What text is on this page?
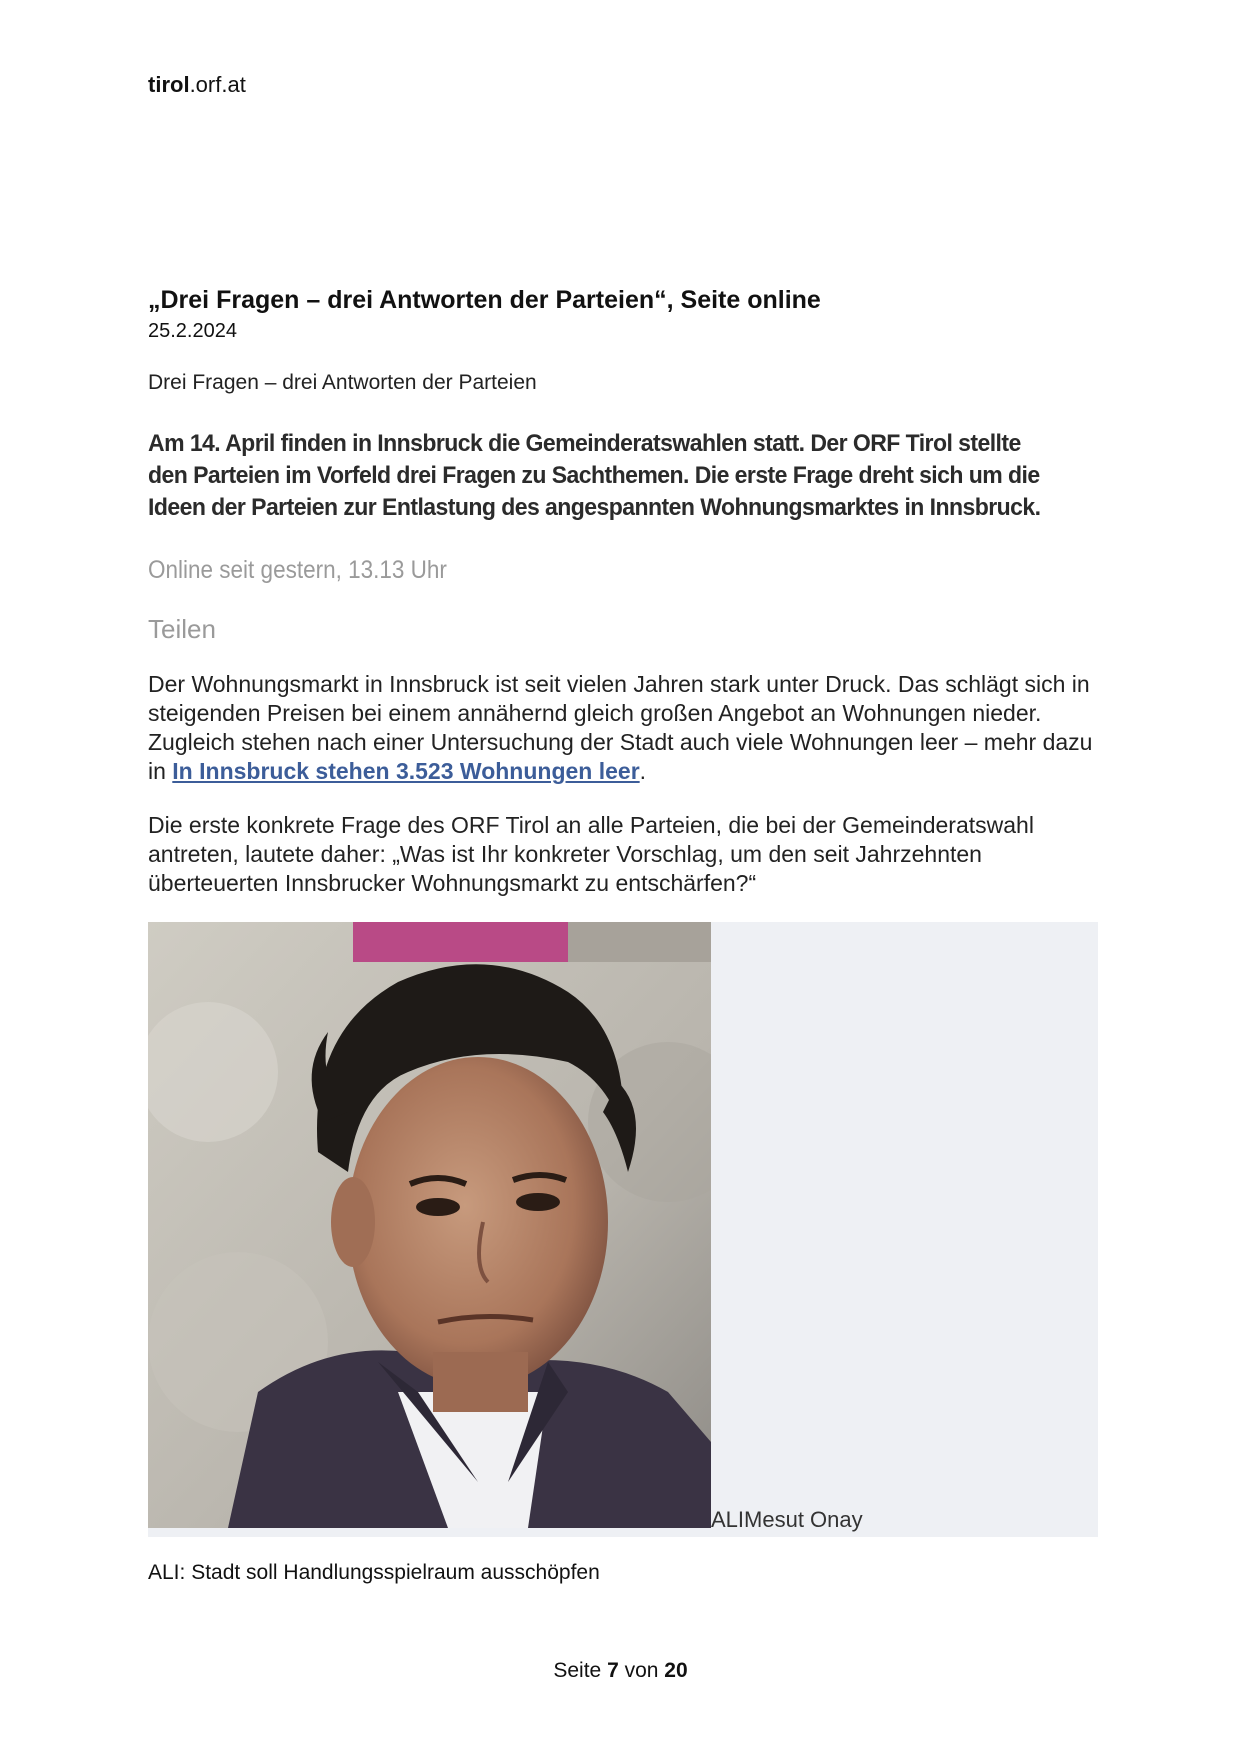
tirol.orf.at
„Drei Fragen – drei Antworten der Parteien“, Seite online
25.2.2024
Drei Fragen – drei Antworten der Parteien
Am 14. April finden in Innsbruck die Gemeinderatswahlen statt. Der ORF Tirol stellte den Parteien im Vorfeld drei Fragen zu Sachthemen. Die erste Frage dreht sich um die Ideen der Parteien zur Entlastung des angespannten Wohnungsmarktes in Innsbruck.
Online seit gestern, 13.13 Uhr
Teilen
Der Wohnungsmarkt in Innsbruck ist seit vielen Jahren stark unter Druck. Das schlägt sich in steigenden Preisen bei einem annähernd gleich großen Angebot an Wohnungen nieder. Zugleich stehen nach einer Untersuchung der Stadt auch viele Wohnungen leer – mehr dazu in In Innsbruck stehen 3.523 Wohnungen leer.
Die erste konkrete Frage des ORF Tirol an alle Parteien, die bei der Gemeinderatswahl antreten, lautete daher: „Was ist Ihr konkreter Vorschlag, um den seit Jahrzehnten überteuerten Innsbrucker Wohnungsmarkt zu entschärfen?“
ALIMesut Onay
ALI: Stadt soll Handlungsspielraum ausschöpfen
Seite 7 von 20
